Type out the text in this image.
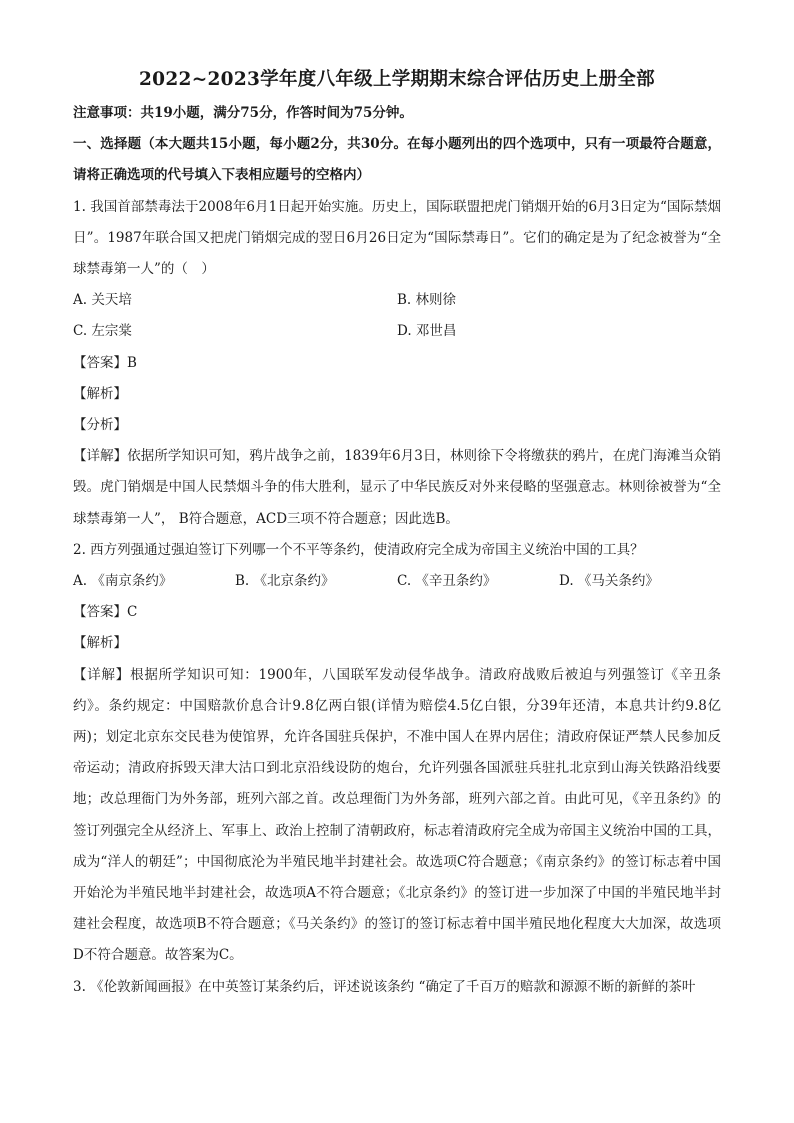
2022~2023学年度八年级上学期期末综合评估历史上册全部
注意事项：共19小题，满分75分，作答时间为75分钟。

一、选择题（本大题共15小题，每小题2分，共30分。在每小题列出的四个选项中，只有一项最符合题意，请将正确选项的代号填入下表相应题号的空格内）

1. 我国首部禁毒法于2008年6月1日起开始实施。历史上，国际联盟把虎门销烟开始的6月3日定为“国际禁烟日”。1987年联合国又把虎门销烟完成的翌日6月26日定为“国际禁毒日”。它们的确定是为了纪念被誉为“全球禁毒第一人”的（　）

A. 关天培	B. 林则徐
C. 左宗棠	D. 邓世昌
【答案】B
【解析】
【分析】

【详解】依据所学知识可知，鸦片战争之前，1839年6月3日，林则徐下令将缴获的鸦片，在虎门海滩当众销毁。虎门销烟是中国人民禁烟斗争的伟大胜利，显示了中华民族反对外来侵略的坚强意志。林则徐被誉为“全球禁毒第一人”， B符合题意，ACD三项不符合题意；因此选B。

2. 西方列强通过强迫签订下列哪一个不平等条约，使清政府完全成为帝国主义统治中国的工具？
A. 《南京条约》	B. 《北京条约》	C. 《辛丑条约》	D. 《马关条约》
【答案】C
【解析】

【详解】根据所学知识可知：1900年，八国联军发动侵华战争。清政府战败后被迫与列强签订《辛丑条约》。条约规定：中国赔款价息合计9.8亿两白银(详情为赔偿4.5亿白银，分39年还清，本息共计约9.8亿两)；划定北京东交民巷为使馆界，允许各国驻兵保护，不准中国人在界内居住；清政府保证严禁人民参加反帝运动；清政府拆毁天津大沽口到北京沿线设防的炮台，允许列强各国派驻兵驻扎北京到山海关铁路沿线要地；改总理衙门为外务部，班列六部之首。改总理衙门为外务部，班列六部之首。由此可见，《辛丑条约》的签订列强完全从经济上、军事上、政治上控制了清朝政府，标志着清政府完全成为帝国主义统治中国的工具，成为“洋人的朝廷”；中国彻底沦为半殖民地半封建社会。故选项C符合题意；《南京条约》的签订标志着中国开始沦为半殖民地半封建社会，故选项A不符合题意；《北京条约》的签订进一步加深了中国的半殖民地半封建社会程度，故选项B不符合题意；《马关条约》的签订的签订标志着中国半殖民地化程度大大加深，故选项D不符合题意。故答案为C。

3. 《伦敦新闻画报》在中英签订某条约后，评述说该条约 “确定了千百万的赔款和源源不断的新鲜的茶叶
